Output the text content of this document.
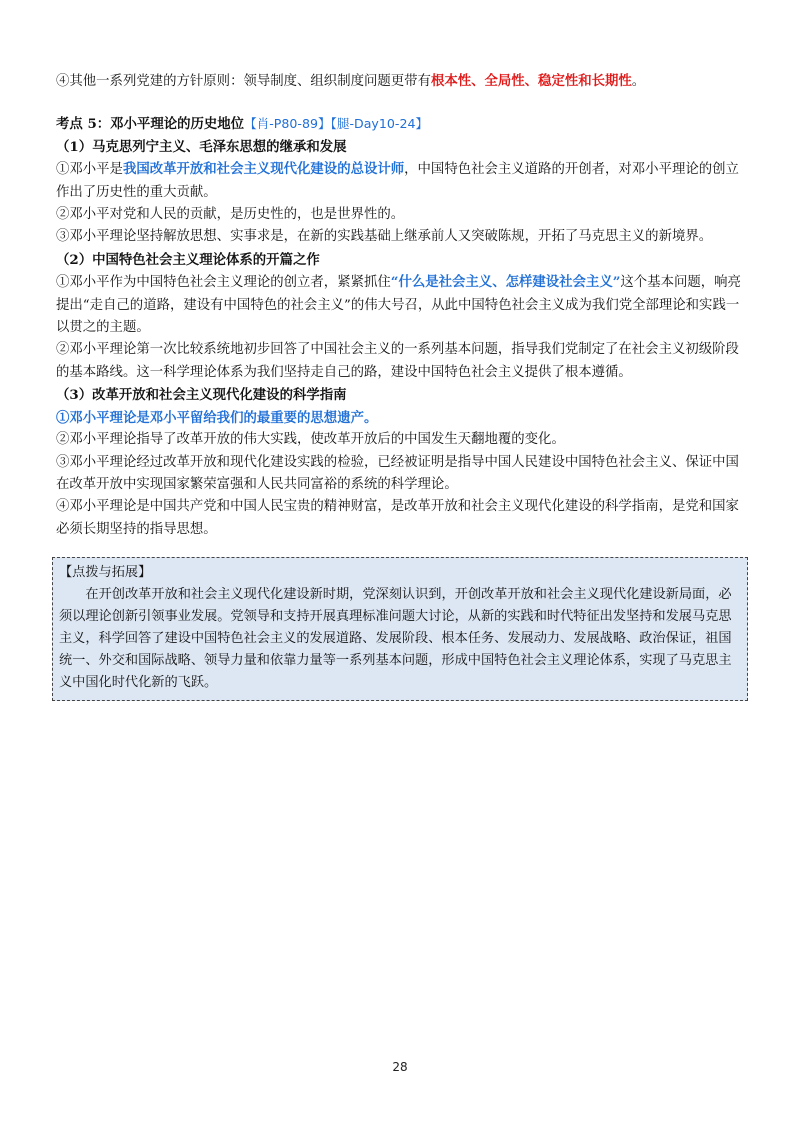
④其他一系列党建的方针原则：领导制度、组织制度问题更带有根本性、全局性、稳定性和长期性。

考点 5：邓小平理论的历史地位【肖-P80-89】【腿-Day10-24】

（1）马克思列宁主义、毛泽东思想的继承和发展

①邓小平是我国改革开放和社会主义现代化建设的总设计师，中国特色社会主义道路的开创者，对邓小平理论的创立作出了历史性的重大贡献。

②邓小平对党和人民的贡献，是历史性的，也是世界性的。

③邓小平理论坚持解放思想、实事求是，在新的实践基础上继承前人又突破陈规，开拓了马克思主义的新境界。

（2）中国特色社会主义理论体系的开篇之作

①邓小平作为中国特色社会主义理论的创立者，紧紧抓住“什么是社会主义、怎样建设社会主义”这个基本问题，响亮提出“走自己的道路，建设有中国特色的社会主义”的伟大号召，从此中国特色社会主义成为我们党全部理论和实践一以贯之的主题。

②邓小平理论第一次比较系统地初步回答了中国社会主义的一系列基本问题，指导我们党制定了在社会主义初级阶段的基本路线。这一科学理论体系为我们坚持走自己的路，建设中国特色社会主义提供了根本遵循。

（3）改革开放和社会主义现代化建设的科学指南

①邓小平理论是邓小平留给我们的最重要的思想遗产。

②邓小平理论指导了改革开放的伟大实践，使改革开放后的中国发生天翻地覆的变化。

③邓小平理论经过改革开放和现代化建设实践的检验，已经被证明是指导中国人民建设中国特色社会主义、保证中国在改革开放中实现国家繁荣富强和人民共同富裕的系统的科学理论。

④邓小平理论是中国共产党和中国人民宝贵的精神财富，是改革开放和社会主义现代化建设的科学指南，是党和国家必须长期坚持的指导思想。

【点拨与拓展】

在开创改革开放和社会主义现代化建设新时期，党深刻认识到，开创改革开放和社会主义现代化建设新局面，必须以理论创新引领事业发展。党领导和支持开展真理标准问题大讨论，从新的实践和时代特征出发坚持和发展马克思主义，科学回答了建设中国特色社会主义的发展道路、发展阶段、根本任务、发展动力、发展战略、政治保证，祖国统一、外交和国际战略、领导力量和依靠力量等一系列基本问题，形成中国特色社会主义理论体系，实现了马克思主义中国化时代化新的飞跃。

28
